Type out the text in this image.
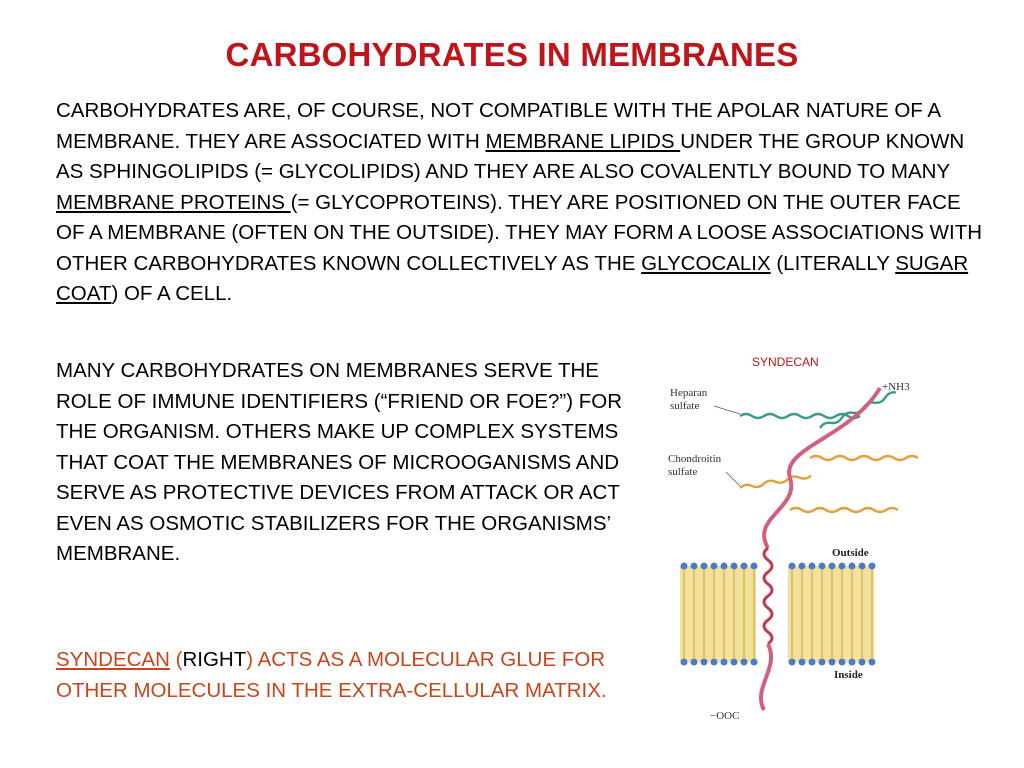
CARBOHYDRATES IN MEMBRANES
CARBOHYDRATES ARE, OF COURSE, NOT COMPATIBLE WITH THE APOLAR NATURE OF A MEMBRANE. THEY ARE ASSOCIATED WITH MEMBRANE LIPIDS UNDER THE GROUP KNOWN AS SPHINGOLIPIDS (= GLYCOLIPIDS) AND THEY ARE ALSO COVALENTLY BOUND TO MANY MEMBRANE PROTEINS (= GLYCOPROTEINS). THEY ARE POSITIONED ON THE OUTER FACE OF A MEMBRANE (OFTEN ON THE OUTSIDE). THEY MAY FORM A LOOSE ASSOCIATIONS WITH OTHER CARBOHYDRATES KNOWN COLLECTIVELY AS THE GLYCOCALIX (LITERALLY SUGAR COAT) OF A CELL.
MANY CARBOHYDRATES ON MEMBRANES SERVE THE ROLE OF IMMUNE IDENTIFIERS (“FRIEND OR FOE?”) FOR THE ORGANISM. OTHERS MAKE UP COMPLEX SYSTEMS THAT COAT THE MEMBRANES OF MICROOGANISMS AND SERVE AS PROTECTIVE DEVICES FROM ATTACK OR ACT EVEN AS OSMOTIC STABILIZERS FOR THE ORGANISMS’ MEMBRANE.
SYNDECAN (RIGHT) ACTS AS A MOLECULAR GLUE FOR OTHER MOLECULES IN THE EXTRA-CELLULAR MATRIX.
SYNDECAN
Heparan
sulfate
Chondroitin
sulfate
+NH3
Outside
Inside
−OOC
